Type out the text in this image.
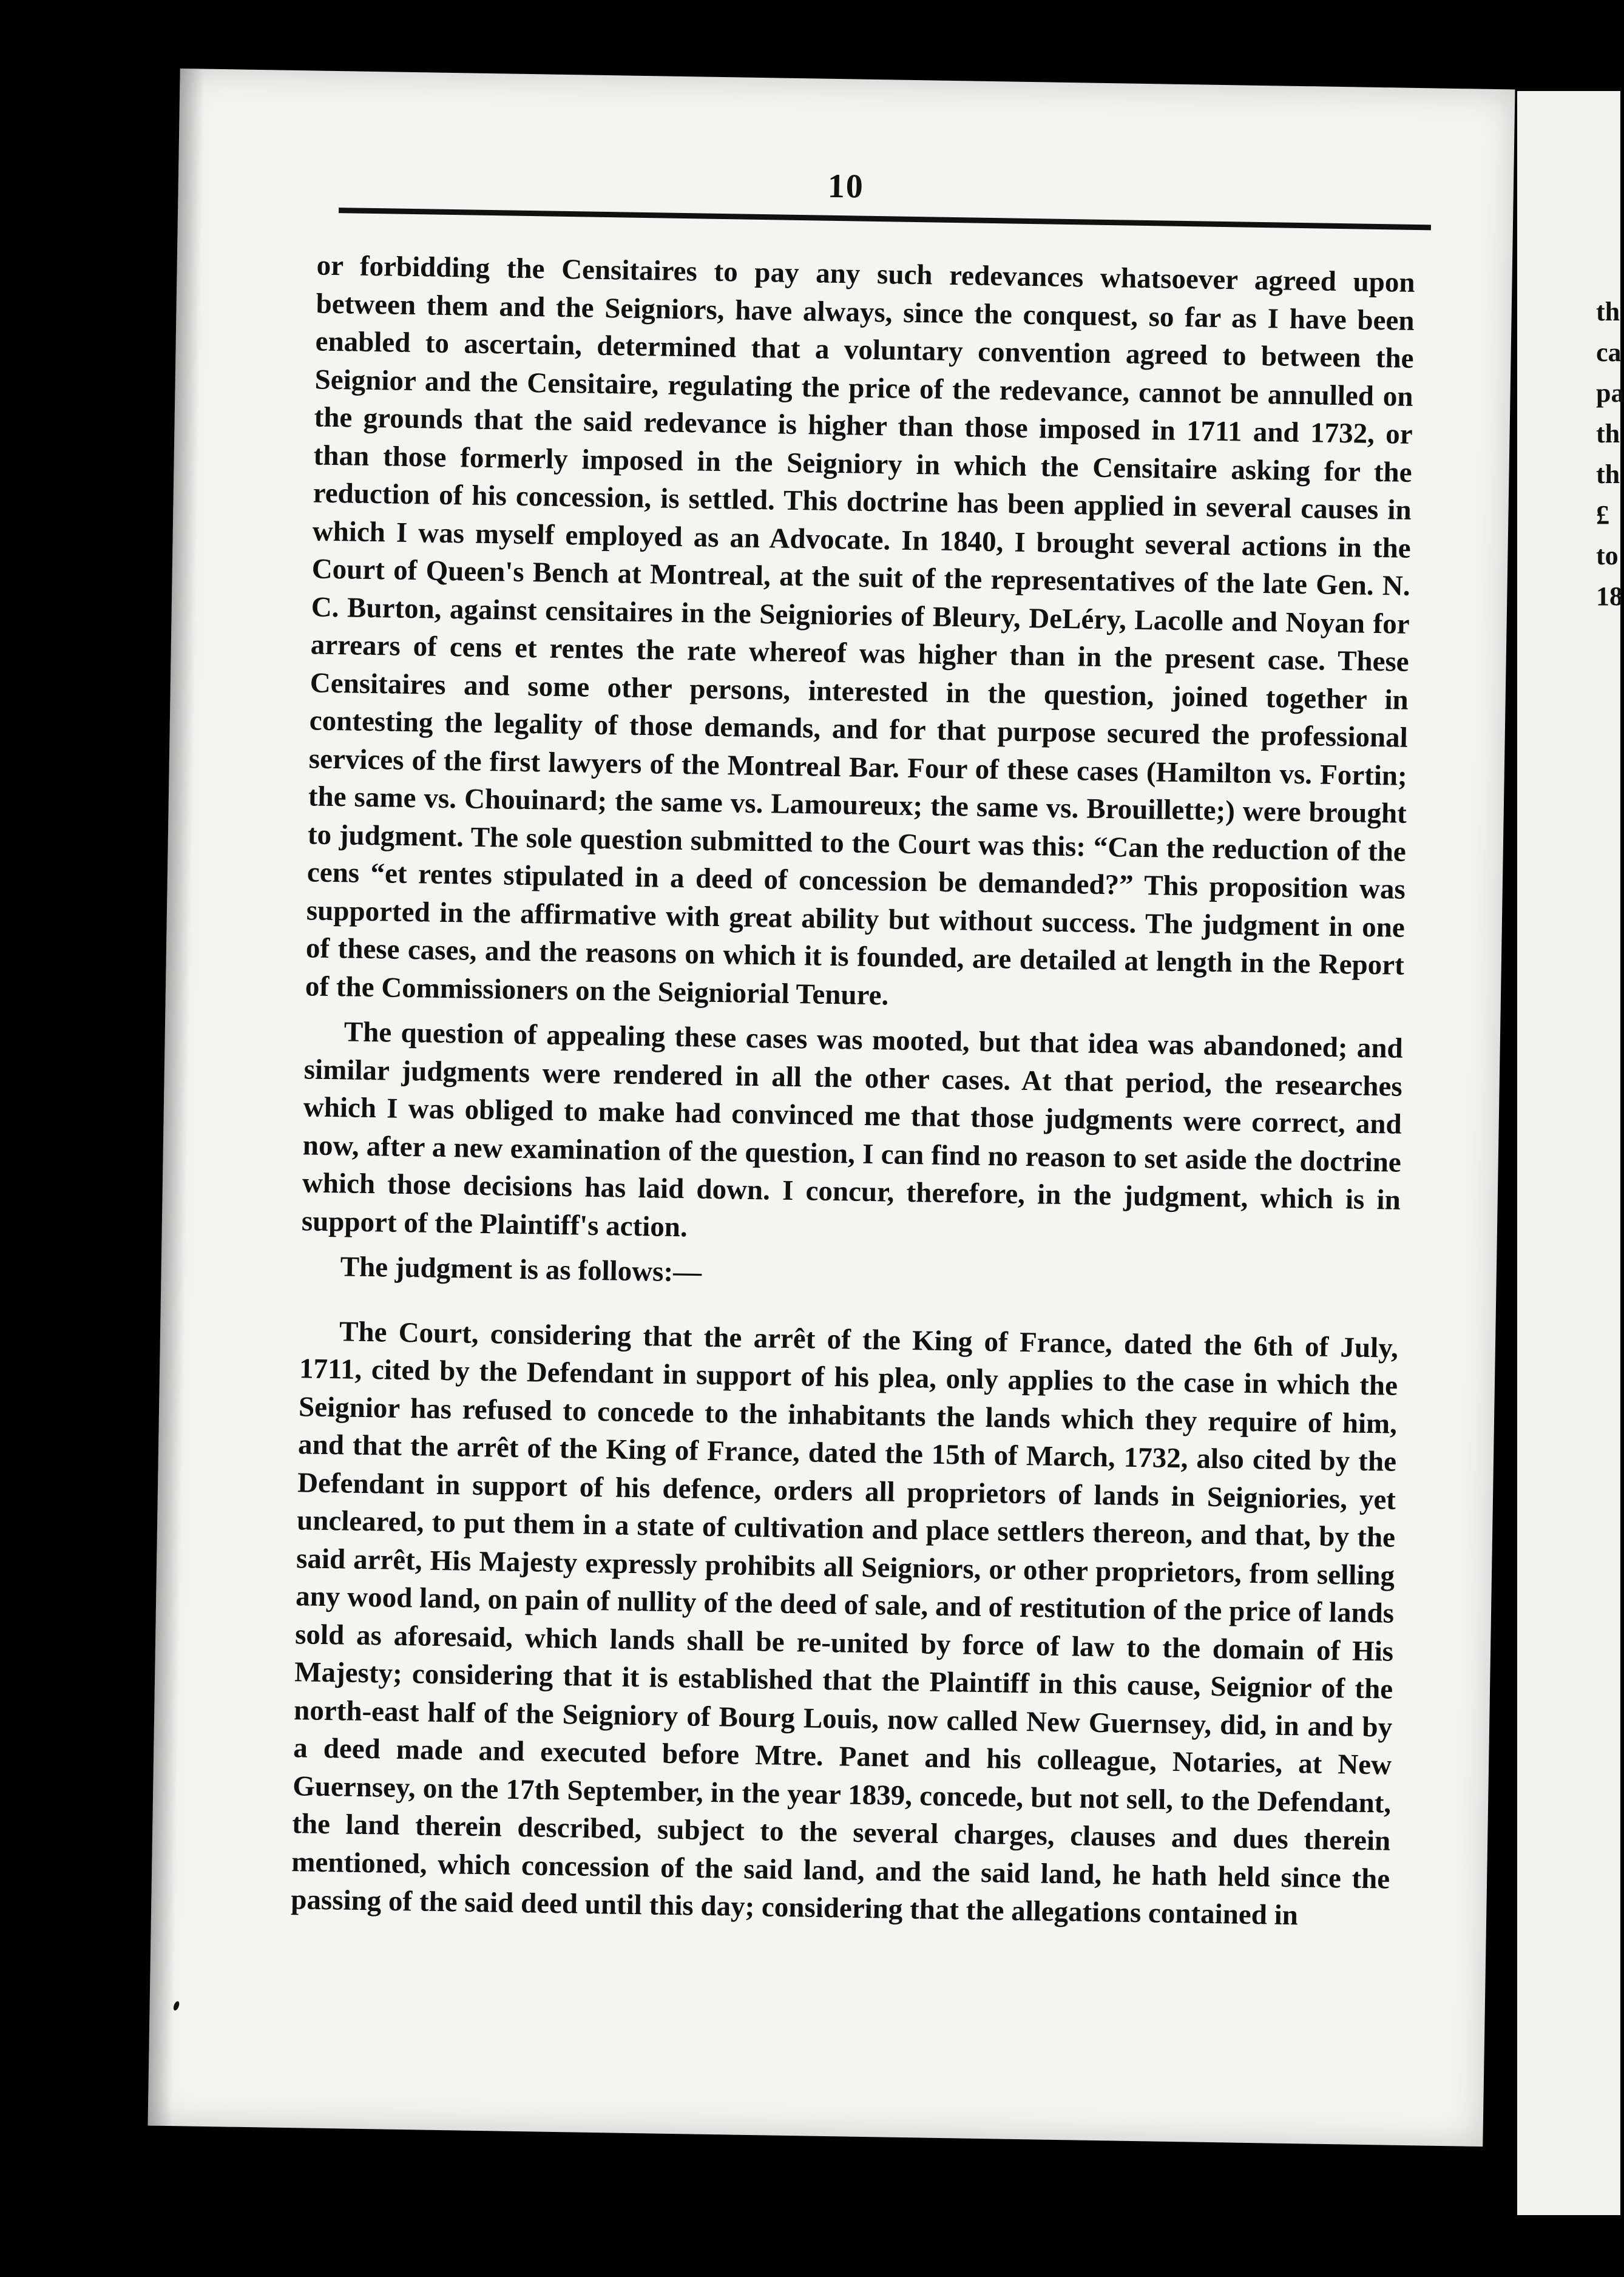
th
ca
pa
th
th
£
to
18
10

or forbidding the Censitaires to pay any such redevances whatsoever agreed upon between them and the Seigniors, have always, since the conquest, so far as I have been enabled to ascertain, determined that a voluntary convention agreed to between the Seignior and the Censitaire, regulating the price of the redevance, cannot be annulled on the grounds that the said redevance is higher than those imposed in 1711 and 1732, or than those formerly imposed in the Seigniory in which the Censitaire asking for the reduction of his concession, is settled. This doctrine has been applied in several causes in which I was myself employed as an Advocate. In 1840, I brought several actions in the Court of Queen's Bench at Montreal, at the suit of the representatives of the late Gen. N. C. Burton, against censitaires in the Seigniories of Bleury, DeLéry, Lacolle and Noyan for arrears of cens et rentes the rate whereof was higher than in the present case. These Censitaires and some other persons, interested in the question, joined together in contesting the legality of those demands, and for that purpose secured the professional services of the first lawyers of the Montreal Bar. Four of these cases (Hamilton vs. Fortin; the same vs. Chouinard; the same vs. Lamoureux; the same vs. Brouillette;) were brought to judgment. The sole question submitted to the Court was this: “Can the reduction of the cens “et rentes stipulated in a deed of concession be demanded?” This proposition was supported in the affirmative with great ability but without success. The judgment in one of these cases, and the reasons on which it is founded, are detailed at length in the Report of the Commissioners on the Seigniorial Tenure.

The question of appealing these cases was mooted, but that idea was abandoned; and similar judgments were rendered in all the other cases. At that period, the researches which I was obliged to make had convinced me that those judgments were correct, and now, after a new examination of the question, I can find no reason to set aside the doctrine which those decisions has laid down. I concur, therefore, in the judgment, which is in support of the Plaintiff's action.

The judgment is as follows:—

The Court, considering that the arrêt of the King of France, dated the 6th of July, 1711, cited by the Defendant in support of his plea, only applies to the case in which the Seignior has refused to concede to the inhabitants the lands which they require of him, and that the arrêt of the King of France, dated the 15th of March, 1732, also cited by the Defendant in support of his defence, orders all proprietors of lands in Seigniories, yet uncleared, to put them in a state of cultivation and place settlers thereon, and that, by the said arrêt, His Majesty expressly prohibits all Seigniors, or other proprietors, from selling any wood land, on pain of nullity of the deed of sale, and of restitution of the price of lands sold as aforesaid, which lands shall be re-united by force of law to the domain of His Majesty; considering that it is established that the Plaintiff in this cause, Seignior of the north-east half of the Seigniory of Bourg Louis, now called New Guernsey, did, in and by a deed made and executed before Mtre. Panet and his colleague, Notaries, at New Guernsey, on the 17th September, in the year 1839, concede, but not sell, to the Defendant, the land therein described, subject to the several charges, clauses and dues therein mentioned, which concession of the said land, and the said land, he hath held since the passing of the said deed until this day; considering that the allegations contained in
